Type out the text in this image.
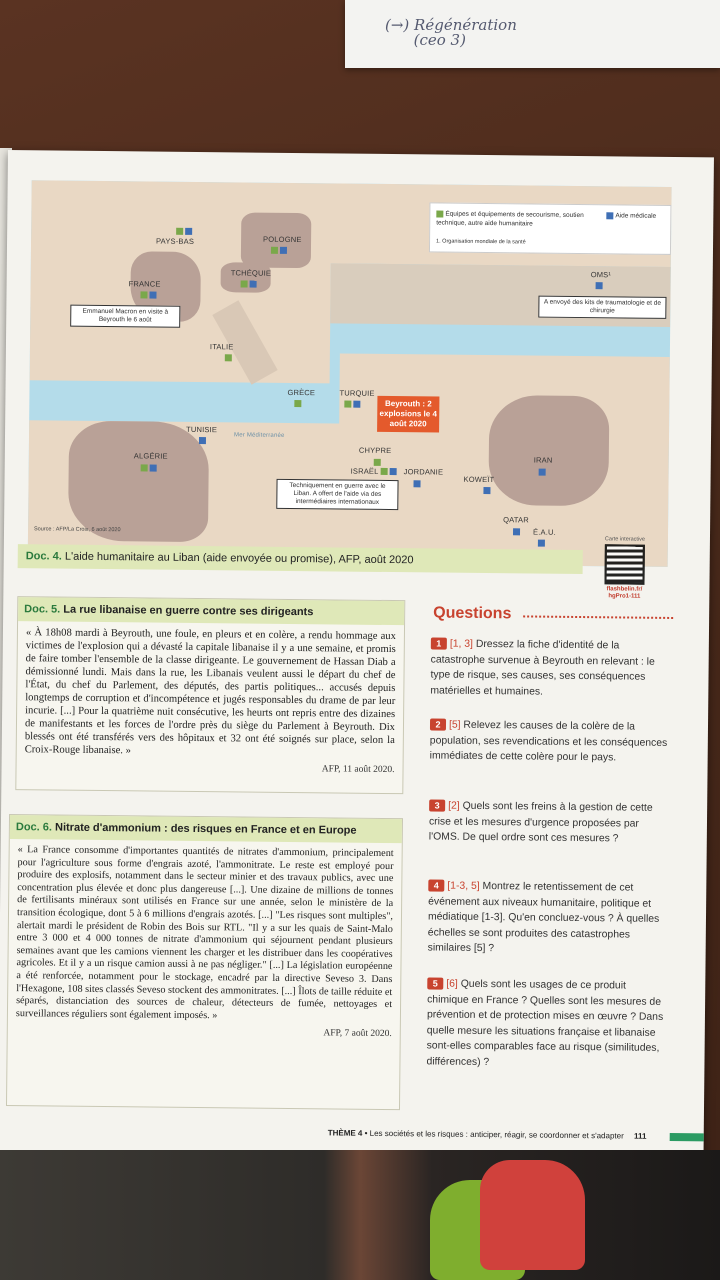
(→) Régénération
(ceo 3)
PAYS-BAS	POLOGNE
FRANCE
TCHÉQUIE
ITALIE
GRÈCE	TURQUIE
TUNISIE
ALGÉRIE
CHYPRE
ISRAËL	JORDANIE
KOWEÏT
IRAN
QATAR
É.A.U.
OMS¹
Emmanuel Macron en visite à Beyrouth le 6 août
A envoyé des kits de traumatologie et de chirurgie
Techniquement en guerre avec le Liban. A offert de l'aide via des intermédiaires internationaux
Beyrouth : 2 explosions le 4 août 2020
Mer Méditerranée
Équipes et équipements de secourisme, soutien technique, autre aide humanitaire
Aide médicale
1. Organisation mondiale de la santé
Source : AFP/La Croix, 6 août 2020
Doc. 4. L'aide humanitaire au Liban (aide envoyée ou promise), AFP, août 2020
Carte interactive
flashbelin.fr/
hgPro1-111
Doc. 5. La rue libanaise en guerre contre ses dirigeants
« À 18h08 mardi à Beyrouth, une foule, en pleurs et en colère, a rendu hommage aux victimes de l'explosion qui a dévasté la capitale libanaise il y a une semaine, et promis de faire tomber l'ensemble de la classe dirigeante. Le gouvernement de Hassan Diab a démissionné lundi. Mais dans la rue, les Libanais veulent aussi le départ du chef de l'État, du chef du Parlement, des députés, des partis politiques... accusés depuis longtemps de corruption et d'incompétence et jugés responsables du drame de par leur incurie. [...] Pour la quatrième nuit consécutive, les heurts ont repris entre des dizaines de manifestants et les forces de l'ordre près du siège du Parlement à Beyrouth. Dix blessés ont été transférés vers des hôpitaux et 32 ont été soignés sur place, selon la Croix-Rouge libanaise. »
AFP, 11 août 2020.
Doc. 6. Nitrate d'ammonium : des risques en France et en Europe
« La France consomme d'importantes quantités de nitrates d'ammonium, principalement pour l'agriculture sous forme d'engrais azoté, l'ammonitrate. Le reste est employé pour produire des explosifs, notamment dans le secteur minier et des travaux publics, avec une concentration plus élevée et donc plus dangereuse [...]. Une dizaine de millions de tonnes de fertilisants minéraux sont utilisés en France sur une année, selon le ministère de la transition écologique, dont 5 à 6 millions d'engrais azotés. [...] "Les risques sont multiples", alertait mardi le président de Robin des Bois sur RTL. "Il y a sur les quais de Saint-Malo entre 3 000 et 4 000 tonnes de nitrate d'ammonium qui séjournent pendant plusieurs semaines avant que les camions viennent les charger et les distribuer dans les coopératives agricoles. Et il y a un risque camion aussi à ne pas négliger." [...] La législation européenne a été renforcée, notamment pour le stockage, encadré par la directive Seveso 3. Dans l'Hexagone, 108 sites classés Seveso stockent des ammonitrates. [...] Îlots de taille réduite et séparés, distanciation des sources de chaleur, détecteurs de fumée, nettoyages et surveillances réguliers sont également imposés. »
AFP, 7 août 2020.
Questions
1 [1, 3] Dressez la fiche d'identité de la catastrophe survenue à Beyrouth en relevant : le type de risque, ses causes, ses conséquences matérielles et humaines.
2 [5] Relevez les causes de la colère de la population, ses revendications et les conséquences immédiates de cette colère pour le pays.
3 [2] Quels sont les freins à la gestion de cette crise et les mesures d'urgence proposées par l'OMS. De quel ordre sont ces mesures ?
4 [1-3, 5] Montrez le retentissement de cet événement aux niveaux humanitaire, politique et médiatique [1-3]. Qu'en concluez-vous ? À quelles échelles se sont produites des catastrophes similaires [5] ?
5 [6] Quels sont les usages de ce produit chimique en France ? Quelles sont les mesures de prévention et de protection mises en œuvre ? Dans quelle mesure les situations française et libanaise sont-elles comparables face au risque (similitudes, différences) ?
THÈME 4 • Les sociétés et les risques : anticiper, réagir, se coordonner et s'adapter 111
